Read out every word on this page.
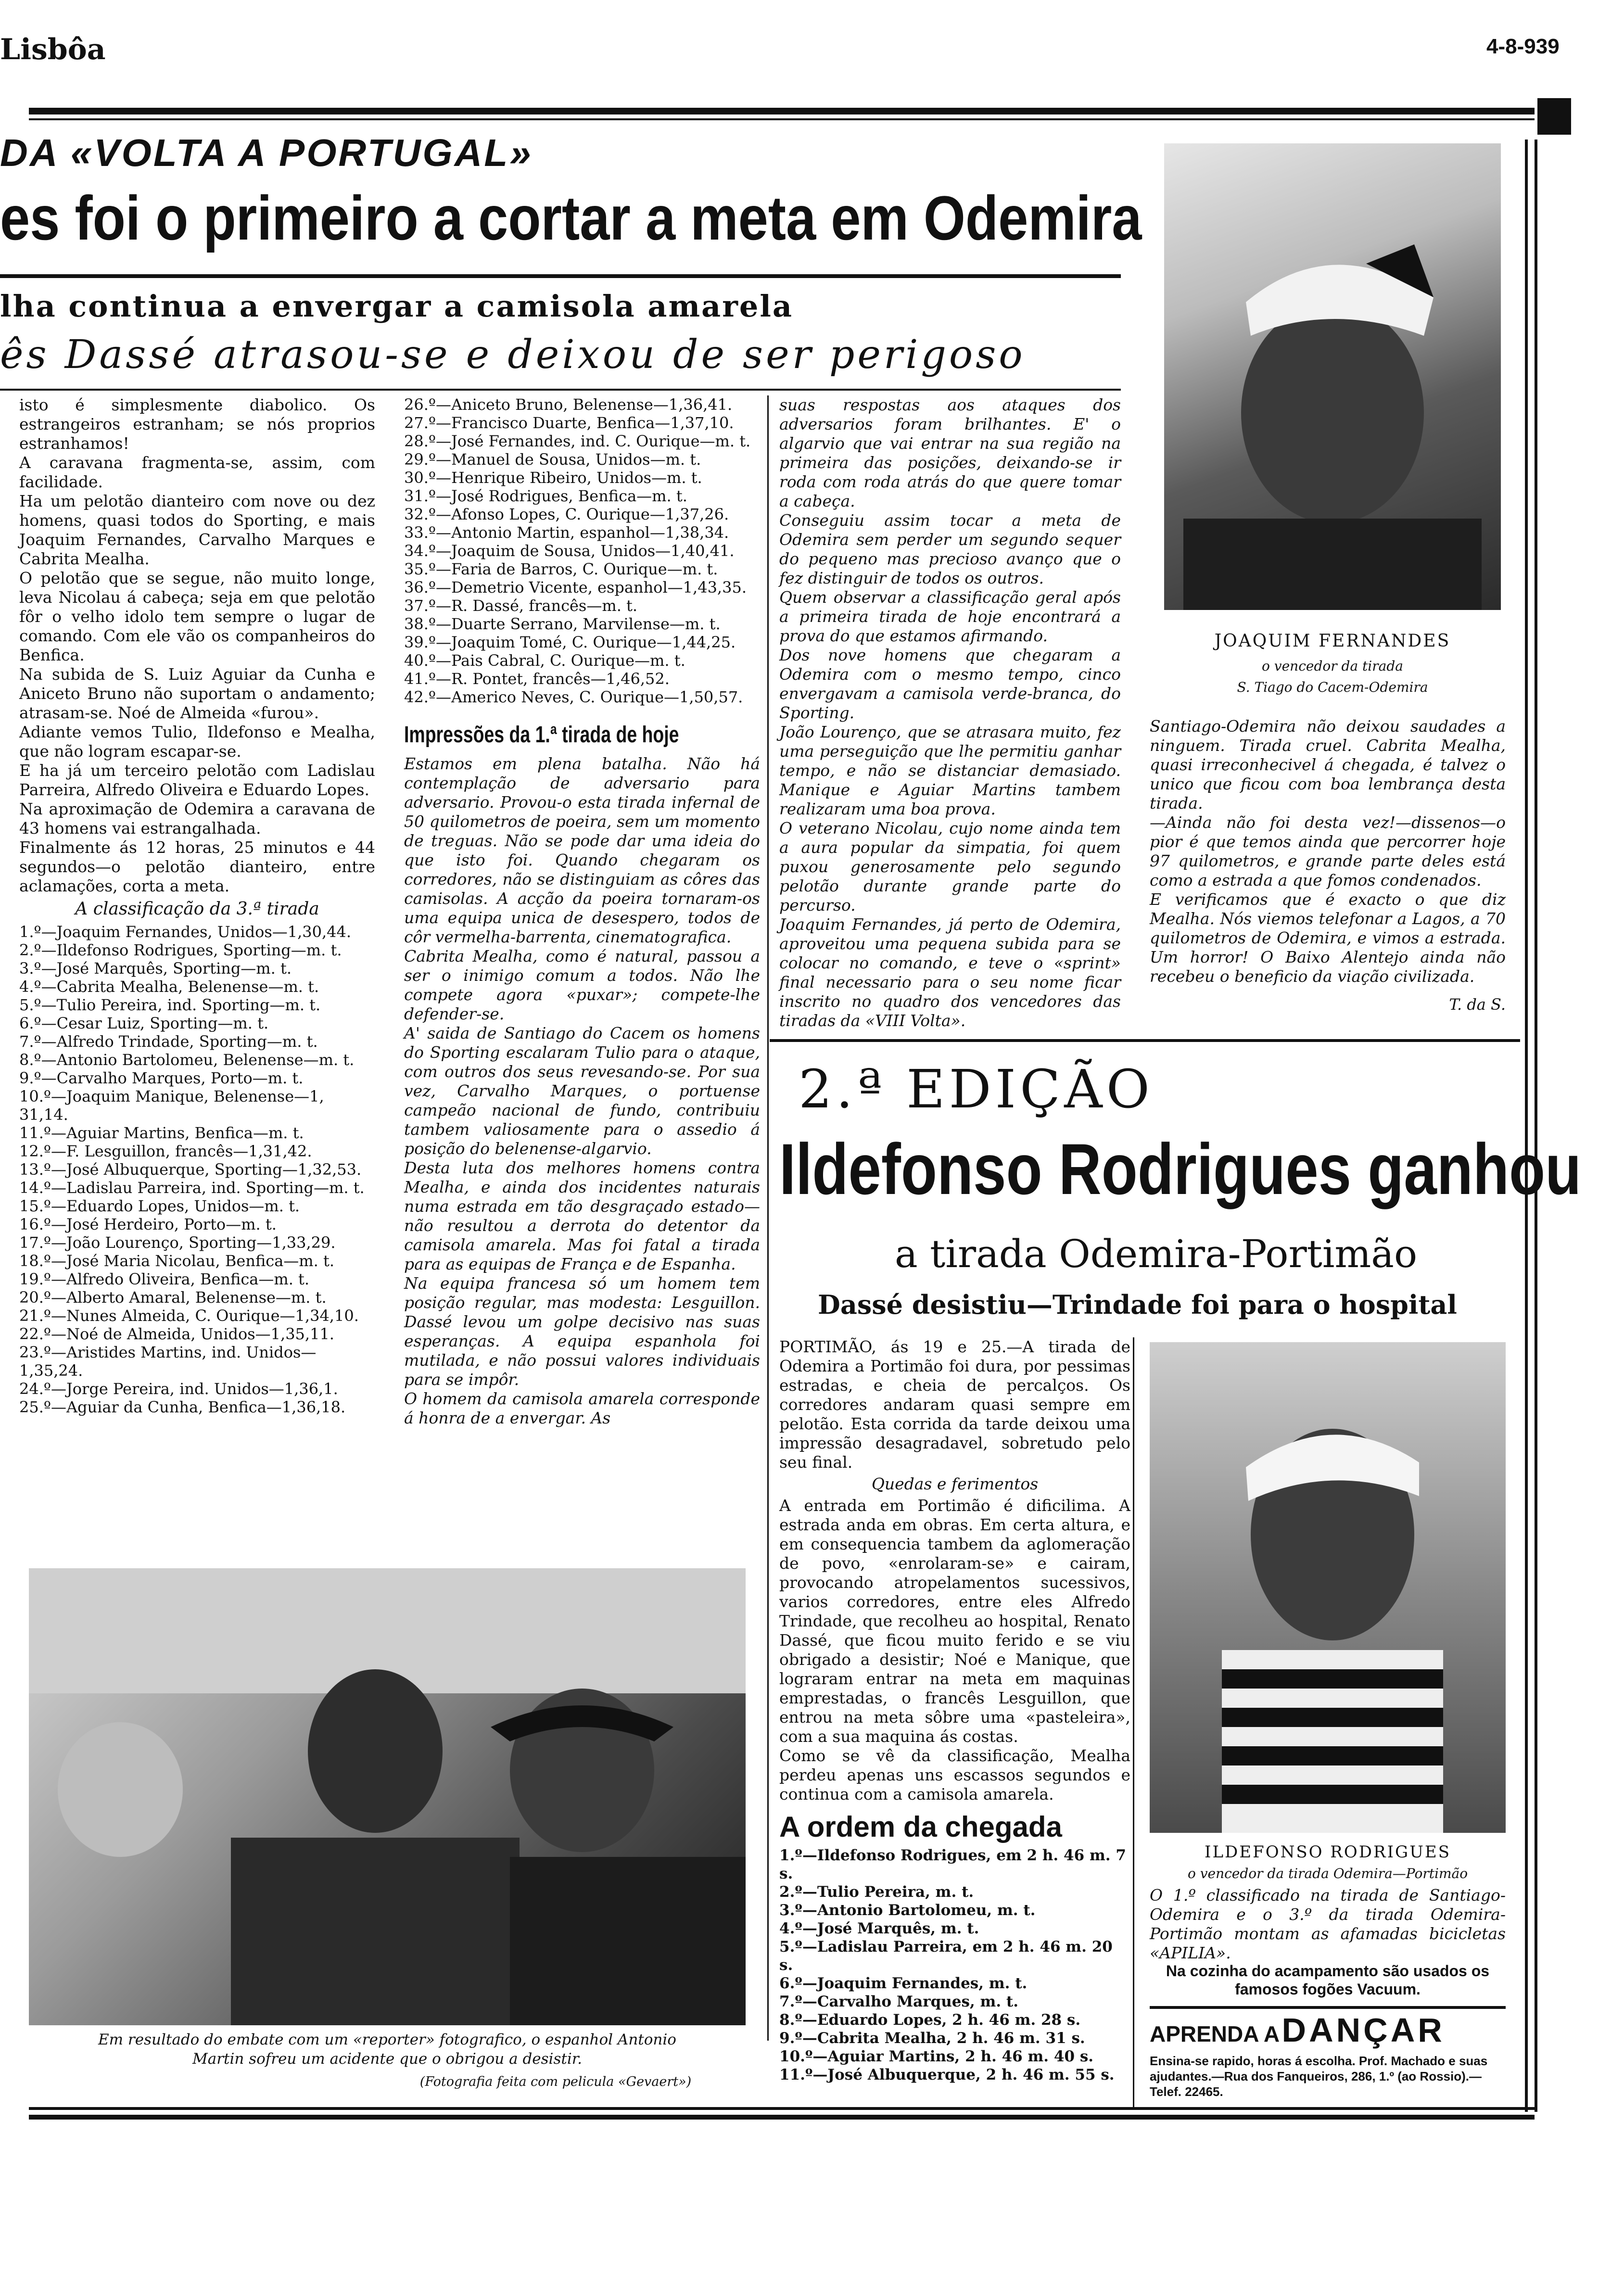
Lisbôa	4-8-939
DA «VOLTA A PORTUGAL»
es foi o primeiro a cortar a meta em Odemira
lha continua a envergar a camisola amarela
ês Dassé atrasou-se e deixou de ser perigoso

isto é simplesmente diabolico. Os estrangeiros estranham; se nós proprios estranhamos!

A caravana fragmenta-se, assim, com facilidade.

Ha um pelotão dianteiro com nove ou dez homens, quasi todos do Sporting, e mais Joaquim Fernandes, Carvalho Marques e Cabrita Mealha.

O pelotão que se segue, não muito longe, leva Nicolau á cabeça; seja em que pelotão fôr o velho idolo tem sempre o lugar de comando. Com ele vão os companheiros do Benfica.

Na subida de S. Luiz Aguiar da Cunha e Aniceto Bruno não suportam o andamento; atrasam-se. Noé de Almeida «furou».

Adiante vemos Tulio, Ildefonso e Mealha, que não logram escapar-se.

E ha já um terceiro pelotão com Ladislau Parreira, Alfredo Oliveira e Eduardo Lopes.

Na aproximação de Odemira a caravana de 43 homens vai estrangalhada.

Finalmente ás 12 horas, 25 minutos e 44 segundos—o pelotão dianteiro, entre aclamações, corta a meta.

A classificação da 3.ª tirada
1.º—Joaquim Fernandes, Unidos—1,30,44.
2.º—Ildefonso Rodrigues, Sporting—m. t.
3.º—José Marquês, Sporting—m. t.
4.º—Cabrita Mealha, Belenense—m. t.
5.º—Tulio Pereira, ind. Sporting—m. t.
6.º—Cesar Luiz, Sporting—m. t.
7.º—Alfredo Trindade, Sporting—m. t.
8.º—Antonio Bartolomeu, Belenense—m. t.
9.º—Carvalho Marques, Porto—m. t.
10.º—Joaquim Manique, Belenense—1, 31,14.
11.º—Aguiar Martins, Benfica—m. t.
12.º—F. Lesguillon, francês—1,31,42.
13.º—José Albuquerque, Sporting—1,32,53.
14.º—Ladislau Parreira, ind. Sporting—m. t.
15.º—Eduardo Lopes, Unidos—m. t.
16.º—José Herdeiro, Porto—m. t.
17.º—João Lourenço, Sporting—1,33,29.
18.º—José Maria Nicolau, Benfica—m. t.
19.º—Alfredo Oliveira, Benfica—m. t.
20.º—Alberto Amaral, Belenense—m. t.
21.º—Nunes Almeida, C. Ourique—1,34,10.
22.º—Noé de Almeida, Unidos—1,35,11.
23.º—Aristides Martins, ind. Unidos—1,35,24.
24.º—Jorge Pereira, ind. Unidos—1,36,1.
25.º—Aguiar da Cunha, Benfica—1,36,18.
26.º—Aniceto Bruno, Belenense—1,36,41.
27.º—Francisco Duarte, Benfica—1,37,10.
28.º—José Fernandes, ind. C. Ourique—m. t.
29.º—Manuel de Sousa, Unidos—m. t.
30.º—Henrique Ribeiro, Unidos—m. t.
31.º—José Rodrigues, Benfica—m. t.
32.º—Afonso Lopes, C. Ourique—1,37,26.
33.º—Antonio Martin, espanhol—1,38,34.
34.º—Joaquim de Sousa, Unidos—1,40,41.
35.º—Faria de Barros, C. Ourique—m. t.
36.º—Demetrio Vicente, espanhol—1,43,35.
37.º—R. Dassé, francês—m. t.
38.º—Duarte Serrano, Marvilense—m. t.
39.º—Joaquim Tomé, C. Ourique—1,44,25.
40.º—Pais Cabral, C. Ourique—m. t.
41.º—R. Pontet, francês—1,46,52.
42.º—Americo Neves, C. Ourique—1,50,57.
Impressões da 1.ª tirada de hoje

Estamos em plena batalha. Não há contemplação de adversario para adversario. Provou-o esta tirada infernal de 50 quilometros de poeira, sem um momento de treguas. Não se pode dar uma ideia do que isto foi. Quando chegaram os corredores, não se distinguiam as côres das camisolas. A acção da poeira tornaram-os uma equipa unica de desespero, todos de côr vermelha-barrenta, cinematografica.

Cabrita Mealha, como é natural, passou a ser o inimigo comum a todos. Não lhe compete agora «puxar»; compete-lhe defender-se.

A' saida de Santiago do Cacem os homens do Sporting escalaram Tulio para o ataque, com outros dos seus revesando-se. Por sua vez, Carvalho Marques, o portuense campeão nacional de fundo, contribuiu tambem valiosamente para o assedio á posição do belenense-algarvio.

Desta luta dos melhores homens contra Mealha, e ainda dos incidentes naturais numa estrada em tão desgraçado estado—não resultou a derrota do detentor da camisola amarela. Mas foi fatal a tirada para as equipas de França e de Espanha.

Na equipa francesa só um homem tem posição regular, mas modesta: Lesguillon. Dassé levou um golpe decisivo nas suas esperanças. A equipa espanhola foi mutilada, e não possui valores individuais para se impôr.

O homem da camisola amarela corresponde á honra de a envergar. As

suas respostas aos ataques dos adversarios foram brilhantes. E' o algarvio que vai entrar na sua região na primeira das posições, deixando-se ir roda com roda atrás do que quere tomar a cabeça.

Conseguiu assim tocar a meta de Odemira sem perder um segundo sequer do pequeno mas precioso avanço que o fez distinguir de todos os outros.

Quem observar a classificação geral após a primeira tirada de hoje encontrará a prova do que estamos afirmando.

Dos nove homens que chegaram a Odemira com o mesmo tempo, cinco envergavam a camisola verde-branca, do Sporting.

João Lourenço, que se atrasara muito, fez uma perseguição que lhe permitiu ganhar tempo, e não se distanciar demasiado. Manique e Aguiar Martins tambem realizaram uma boa prova.

O veterano Nicolau, cujo nome ainda tem a aura popular da simpatia, foi quem puxou generosamente pelo segundo pelotão durante grande parte do percurso.

Joaquim Fernandes, já perto de Odemira, aproveitou uma pequena subida para se colocar no comando, e teve o «sprint» final necessario para o seu nome ficar inscrito no quadro dos vencedores das tiradas da «VIII Volta».

JOAQUIM FERNANDES
o vencedor da tirada
S. Tiago do Cacem-Odemira

Santiago-Odemira não deixou saudades a ninguem. Tirada cruel. Cabrita Mealha, quasi irreconhecivel á chegada, é talvez o unico que ficou com boa lembrança desta tirada.

—Ainda não foi desta vez!—dissenos—o pior é que temos ainda que percorrer hoje 97 quilometros, e grande parte deles está como a estrada a que fomos condenados.

E verificamos que é exacto o que diz Mealha. Nós viemos telefonar a Lagos, a 70 quilometros de Odemira, e vimos a estrada. Um horror! O Baixo Alentejo ainda não recebeu o beneficio da viação civilizada.

T. da S.
2.ª EDIÇÃO
Ildefonso Rodrigues ganhou
a tirada Odemira-Portimão
Dassé desistiu—Trindade foi para o hospital

PORTIMÃO, ás 19 e 25.—A tirada de Odemira a Portimão foi dura, por pessimas estradas, e cheia de percalços. Os corredores andaram quasi sempre em pelotão. Esta corrida da tarde deixou uma impressão desagradavel, sobretudo pelo seu final.

Quedas e ferimentos

A entrada em Portimão é dificilima. A estrada anda em obras. Em certa altura, e em consequencia tambem da aglomeração de povo, «enrolaram-se» e cairam, provocando atropelamentos sucessivos, varios corredores, entre eles Alfredo Trindade, que recolheu ao hospital, Renato Dassé, que ficou muito ferido e se viu obrigado a desistir; Noé e Manique, que lograram entrar na meta em maquinas emprestadas, o francês Lesguillon, que entrou na meta sôbre uma «pasteleira», com a sua maquina ás costas.

Como se vê da classificação, Mealha perdeu apenas uns escassos segundos e continua com a camisola amarela.

A ordem da chegada
1.º—Ildefonso Rodrigues, em 2 h. 46 m. 7 s.
2.º—Tulio Pereira, m. t.
3.º—Antonio Bartolomeu, m. t.
4.º—José Marquês, m. t.
5.º—Ladislau Parreira, em 2 h. 46 m. 20 s.
6.º—Joaquim Fernandes, m. t.
7.º—Carvalho Marques, m. t.
8.º—Eduardo Lopes, 2 h. 46 m. 28 s.
9.º—Cabrita Mealha, 2 h. 46 m. 31 s.
10.º—Aguiar Martins, 2 h. 46 m. 40 s.
11.º—José Albuquerque, 2 h. 46 m. 55 s.
ILDEFONSO RODRIGUES
o vencedor da tirada Odemira—Portimão

O 1.º classificado na tirada de Santiago-Odemira e o 3.º da tirada Odemira-Portimão montam as afamadas bicicletas «APILIA».

Na cozinha do acampamento são usados os famosos fogões Vacuum.
APRENDA A DANÇAR
Ensina-se rapido, horas á escolha. Prof. Machado e suas ajudantes.—Rua dos Fanqueiros, 286, 1.º (ao Rossio).—Telef. 22465.
Em resultado do embate com um «reporter» fotografico, o espanhol Antonio
Martin sofreu um acidente que o obrigou a desistir.
(Fotografia feita com pelicula «Gevaert»)
